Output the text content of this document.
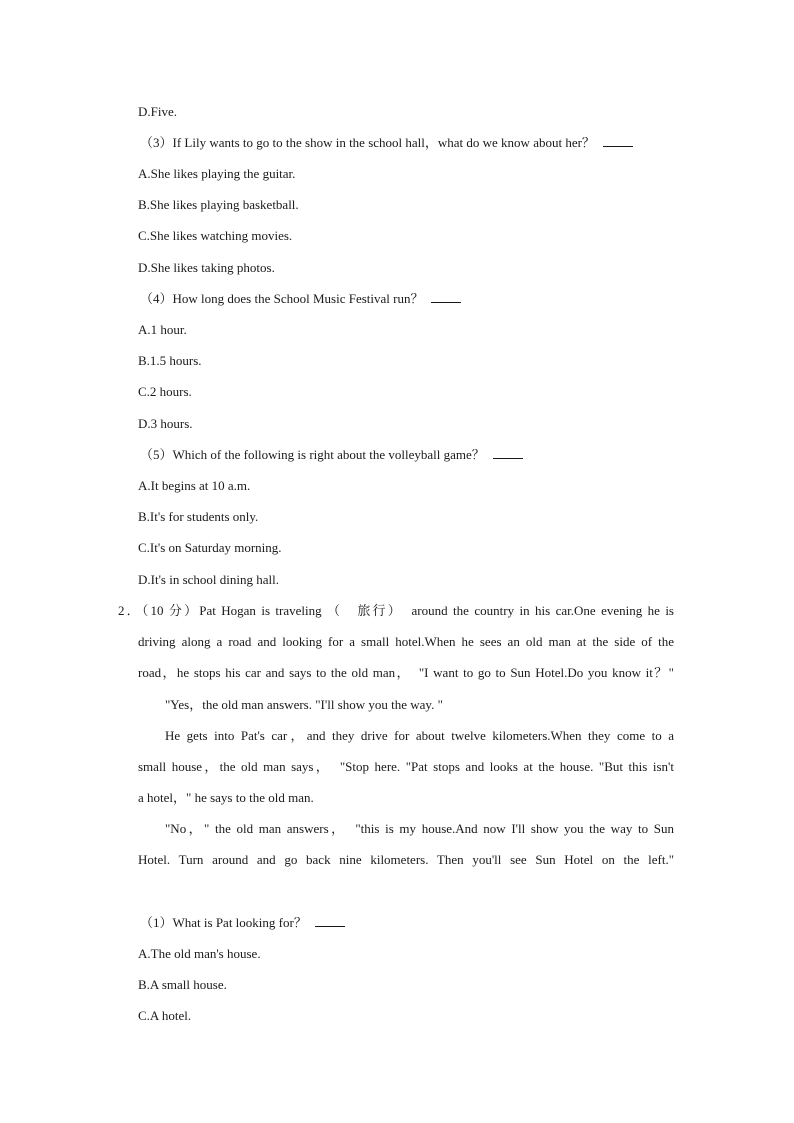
D.Five.
（3）If Lily wants to go to the show in the school hall，what do we know about her？
A.She likes playing the guitar.
B.She likes playing basketball.
C.She likes watching movies.
D.She likes taking photos.
（4）How long does the School Music Festival run？
A.1 hour.
B.1.5 hours.
C.2 hours.
D.3 hours.
（5）Which of the following is right about the volleyball game？
A.It begins at 10 a.m.
B.It's for students only.
C.It's on Saturday morning.
D.It's in school dining hall.
2．（10 分）Pat Hogan is traveling （　旅行）　around the country in his car.One evening he is
driving along a road and looking for a small hotel.When he sees an old man at the side of the
road，he stops his car and says to the old man，　"I want to go to Sun Hotel.Do you know it？"
"Yes，the old man answers. "I'll show you the way. "
He gets into Pat's car，and they drive for about twelve kilometers.When they come to a
small house，the old man says，　"Stop here. "Pat stops and looks at the house. "But this isn't
a hotel，" he says to the old man.
"No，" the old man answers，　"this is my house.And now I'll show you the way to Sun
Hotel. Turn around and go back nine kilometers. Then you'll see Sun Hotel on the left."
（1）What is Pat looking for？
A.The old man's house.
B.A small house.
C.A hotel.
